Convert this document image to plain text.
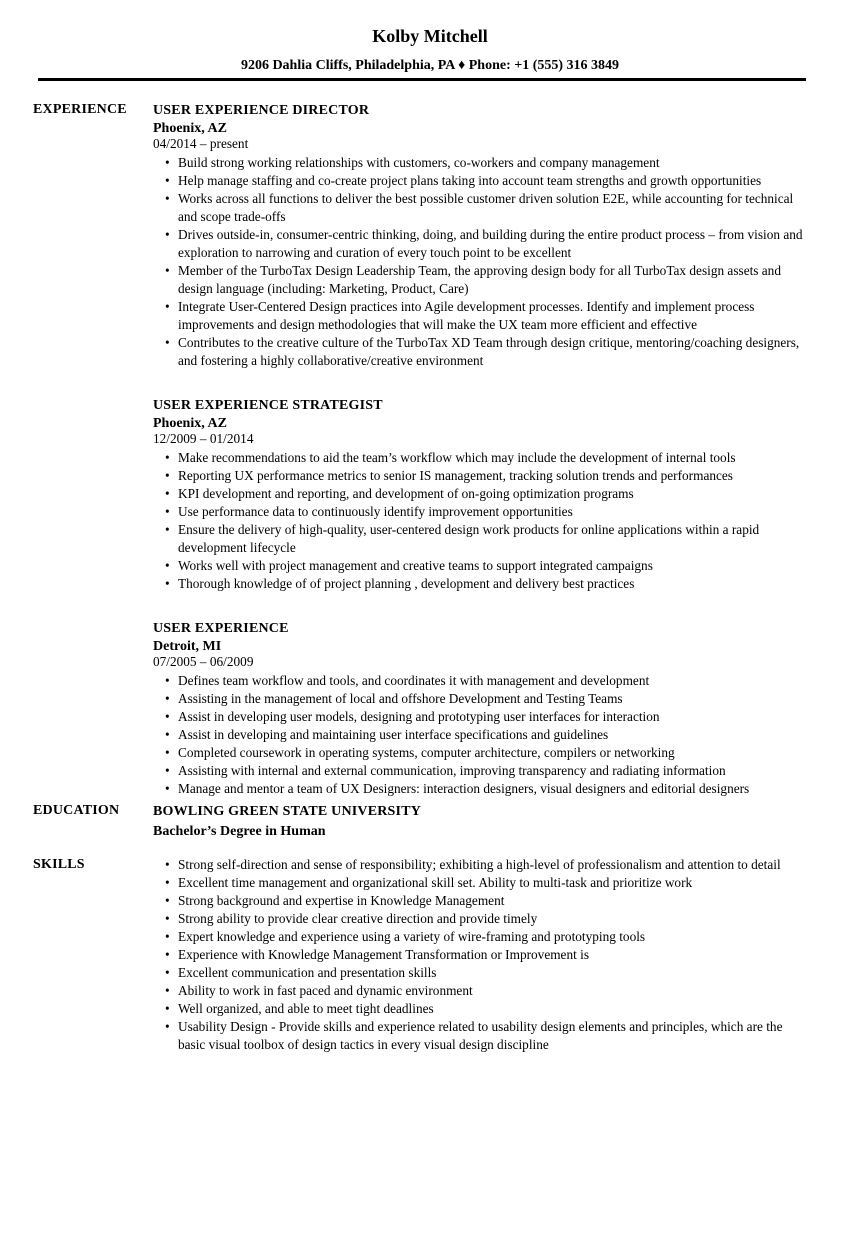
Kolby Mitchell
9206 Dahlia Cliffs, Philadelphia, PA ♦ Phone: +1 (555) 316 3849
EXPERIENCE	USER EXPERIENCE DIRECTOR
Phoenix, AZ
04/2014 – present
• Build strong working relationships with customers, co-workers and company management
• Help manage staffing and co-create project plans taking into account team strengths and growth opportunities
• Works across all functions to deliver the best possible customer driven solution E2E, while accounting for technical and scope trade-offs
• Drives outside-in, consumer-centric thinking, doing, and building during the entire product process – from vision and exploration to narrowing and curation of every touch point to be excellent
• Member of the TurboTax Design Leadership Team, the approving design body for all TurboTax design assets and design language (including: Marketing, Product, Care)
• Integrate User-Centered Design practices into Agile development processes. Identify and implement process improvements and design methodologies that will make the UX team more efficient and effective
• Contributes to the creative culture of the TurboTax XD Team through design critique, mentoring/coaching designers, and fostering a highly collaborative/creative environment
USER EXPERIENCE STRATEGIST
Phoenix, AZ
12/2009 – 01/2014
• Make recommendations to aid the team’s workflow which may include the development of internal tools
• Reporting UX performance metrics to senior IS management, tracking solution trends and performances
• KPI development and reporting, and development of on-going optimization programs
• Use performance data to continuously identify improvement opportunities
• Ensure the delivery of high-quality, user-centered design work products for online applications within a rapid development lifecycle
• Works well with project management and creative teams to support integrated campaigns
• Thorough knowledge of of project planning , development and delivery best practices
USER EXPERIENCE
Detroit, MI
07/2005 – 06/2009
• Defines team workflow and tools, and coordinates it with management and development
• Assisting in the management of local and offshore Development and Testing Teams
• Assist in developing user models, designing and prototyping user interfaces for interaction
• Assist in developing and maintaining user interface specifications and guidelines
• Completed coursework in operating systems, computer architecture, compilers or networking
• Assisting with internal and external communication, improving transparency and radiating information
• Manage and mentor a team of UX Designers: interaction designers, visual designers and editorial designers
EDUCATION	BOWLING GREEN STATE UNIVERSITY
Bachelor’s Degree in Human
SKILLS	• Strong self-direction and sense of responsibility; exhibiting a high-level of professionalism and attention to detail
• Excellent time management and organizational skill set. Ability to multi-task and prioritize work
• Strong background and expertise in Knowledge Management
• Strong ability to provide clear creative direction and provide timely
• Expert knowledge and experience using a variety of wire-framing and prototyping tools
• Experience with Knowledge Management Transformation or Improvement is
• Excellent communication and presentation skills
• Ability to work in fast paced and dynamic environment
• Well organized, and able to meet tight deadlines
• Usability Design - Provide skills and experience related to usability design elements and principles, which are the basic visual toolbox of design tactics in every visual design discipline
